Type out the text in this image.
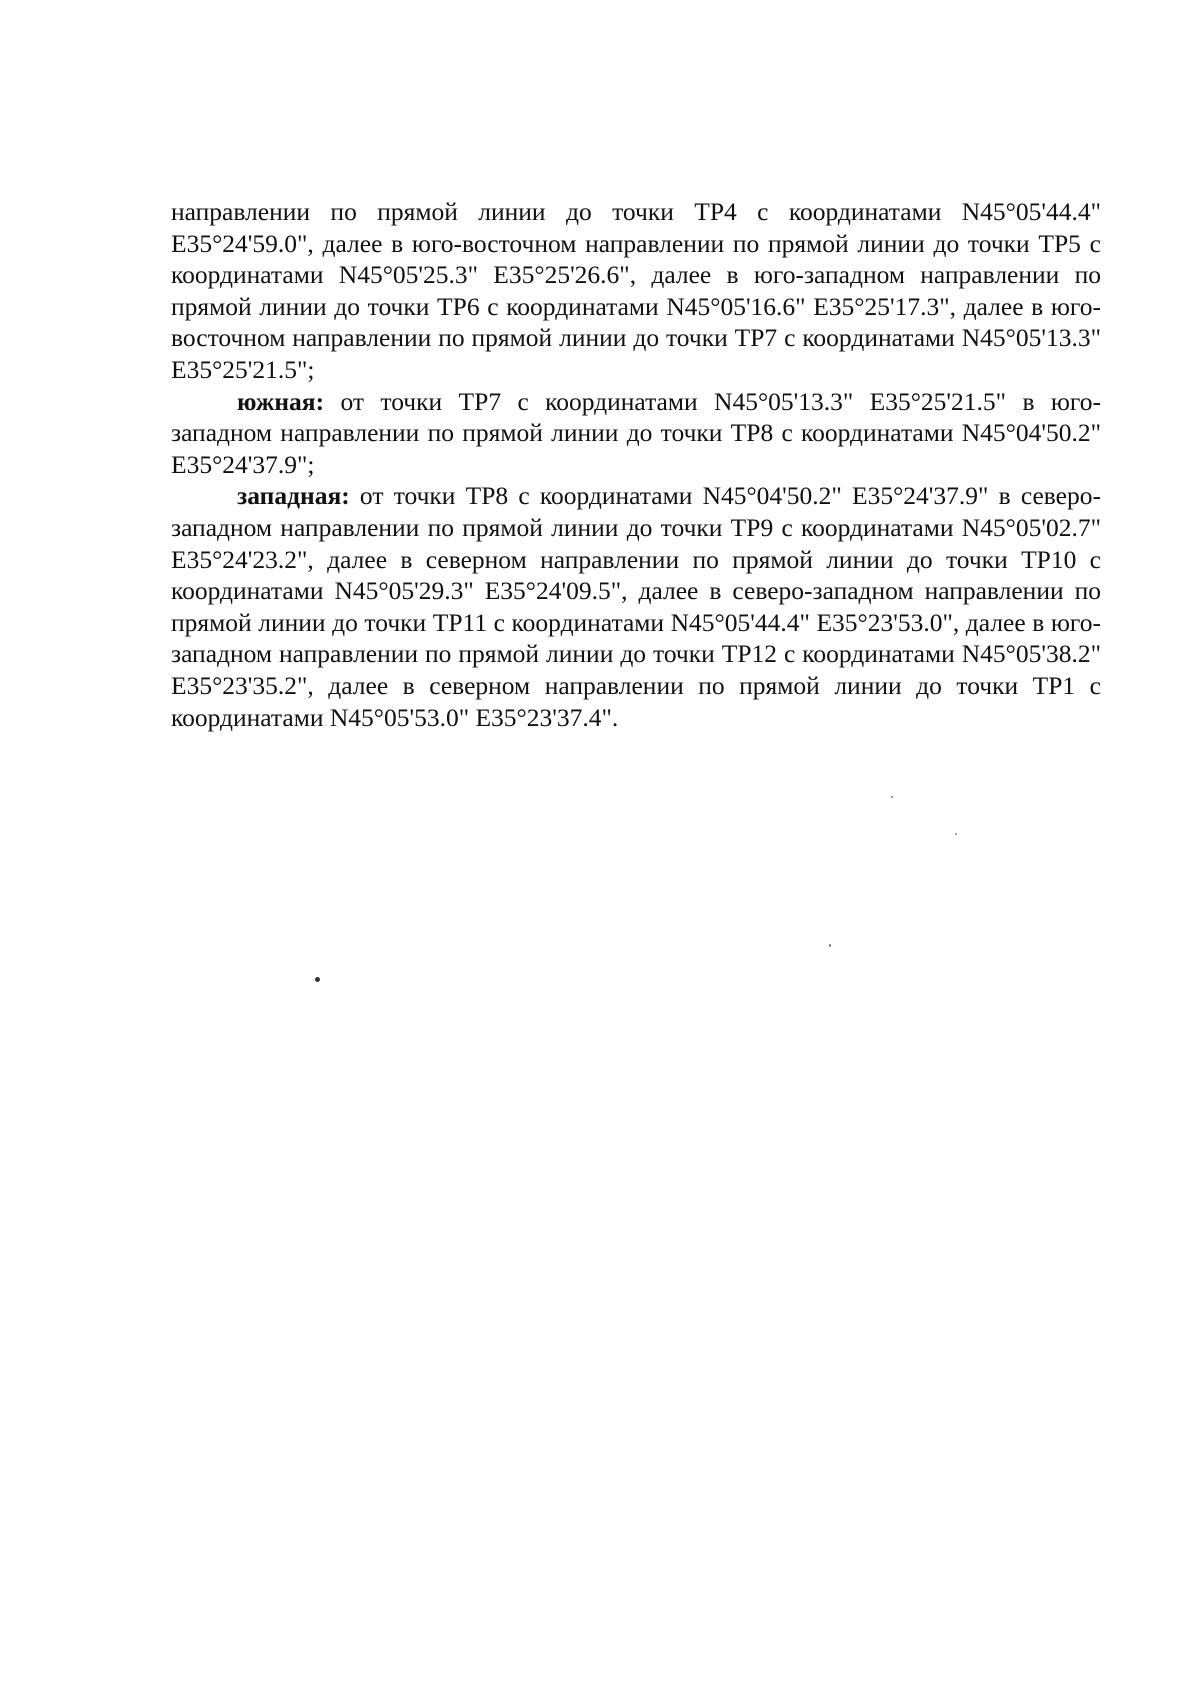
направлении по прямой линии до точки TP4 с координатами N45°05'44.4" E35°24'59.0", далее в юго-восточном направлении по прямой линии до точки TP5 с координатами N45°05'25.3" E35°25'26.6", далее в юго-западном направлении по прямой линии до точки TP6 с координатами N45°05'16.6" E35°25'17.3", далее в юго-восточном направлении по прямой линии до точки TP7 с координатами N45°05'13.3" E35°25'21.5";

южная: от точки TP7 с координатами N45°05'13.3" E35°25'21.5" в юго-западном направлении по прямой линии до точки TP8 с координатами N45°04'50.2" E35°24'37.9";

западная: от точки TP8 с координатами N45°04'50.2" E35°24'37.9" в северо-западном направлении по прямой линии до точки TP9 с координатами N45°05'02.7" E35°24'23.2", далее в северном направлении по прямой линии до точки TP10 с координатами N45°05'29.3" E35°24'09.5", далее в северо-западном направлении по прямой линии до точки TP11 с координатами N45°05'44.4" E35°23'53.0", далее в юго-западном направлении по прямой линии до точки TP12 с координатами N45°05'38.2" E35°23'35.2", далее в северном направлении по прямой линии до точки TP1 с координатами N45°05'53.0" E35°23'37.4".
